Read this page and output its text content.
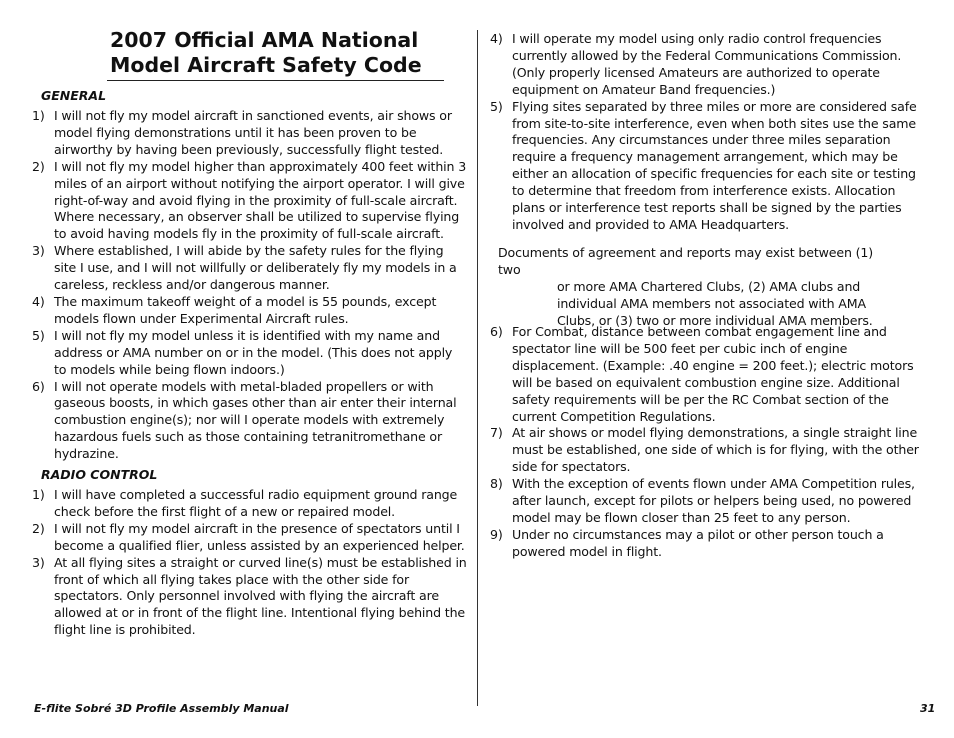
2007 Official AMA National
Model Aircraft Safety Code
GENERAL
1) I will not fly my model aircraft in sanctioned events, air shows or model flying demonstrations until it has been proven to be airworthy by having been previously, successfully flight tested.
2) I will not fly my model higher than approximately 400 feet within 3 miles of an airport without notifying the airport operator. I will give right-of-way and avoid flying in the proximity of full-scale aircraft. Where necessary, an observer shall be utilized to supervise flying to avoid having models fly in the proximity of full-scale aircraft.
3) Where established, I will abide by the safety rules for the flying site I use, and I will not willfully or deliberately fly my models in a careless, reckless and/or dangerous manner.
4) The maximum takeoff weight of a model is 55 pounds, except models flown under Experimental Aircraft rules.
5) I will not fly my model unless it is identified with my name and address or AMA number on or in the model. (This does not apply to models while being flown indoors.)
6) I will not operate models with metal-bladed propellers or with gaseous boosts, in which gases other than air enter their internal combustion engine(s); nor will I operate models with extremely hazardous fuels such as those containing tetranitromethane or hydrazine.
RADIO CONTROL
1) I will have completed a successful radio equipment ground range check before the first flight of a new or repaired model.
2) I will not fly my model aircraft in the presence of spectators until I become a qualified flier, unless assisted by an experienced helper.
3) At all flying sites a straight or curved line(s) must be established in front of which all flying takes place with the other side for spectators. Only personnel involved with flying the aircraft are allowed at or in front of the flight line. Intentional flying behind the flight line is prohibited.
4) I will operate my model using only radio control frequencies currently allowed by the Federal Communications Commission. (Only properly licensed Amateurs are authorized to operate equipment on Amateur Band frequencies.)
5) Flying sites separated by three miles or more are considered safe from site-to-site interference, even when both sites use the same frequencies. Any circumstances under three miles separation require a frequency management arrangement, which may be either an allocation of specific frequencies for each site or testing to determine that freedom from interference exists. Allocation plans or interference test reports shall be signed by the parties involved and provided to AMA Headquarters.
6) For Combat, distance between combat engagement line and spectator line will be 500 feet per cubic inch of engine displacement. (Example: .40 engine = 200 feet.); electric motors will be based on equivalent combustion engine size. Additional safety requirements will be per the RC Combat section of the current Competition Regulations.
7) At air shows or model flying demonstrations, a single straight line must be established, one side of which is for flying, with the other side for spectators.
8) With the exception of events flown under AMA Competition rules, after launch, except for pilots or helpers being used, no powered model may be flown closer than 25 feet to any person.
9) Under no circumstances may a pilot or other person touch a powered model in flight.
Documents of agreement and reports may exist between (1) two
or more AMA Chartered Clubs, (2) AMA clubs and individual AMA members not associated with AMA Clubs, or (3) two or more individual AMA members.
E-flite Sobré 3D Profile Assembly Manual	31
